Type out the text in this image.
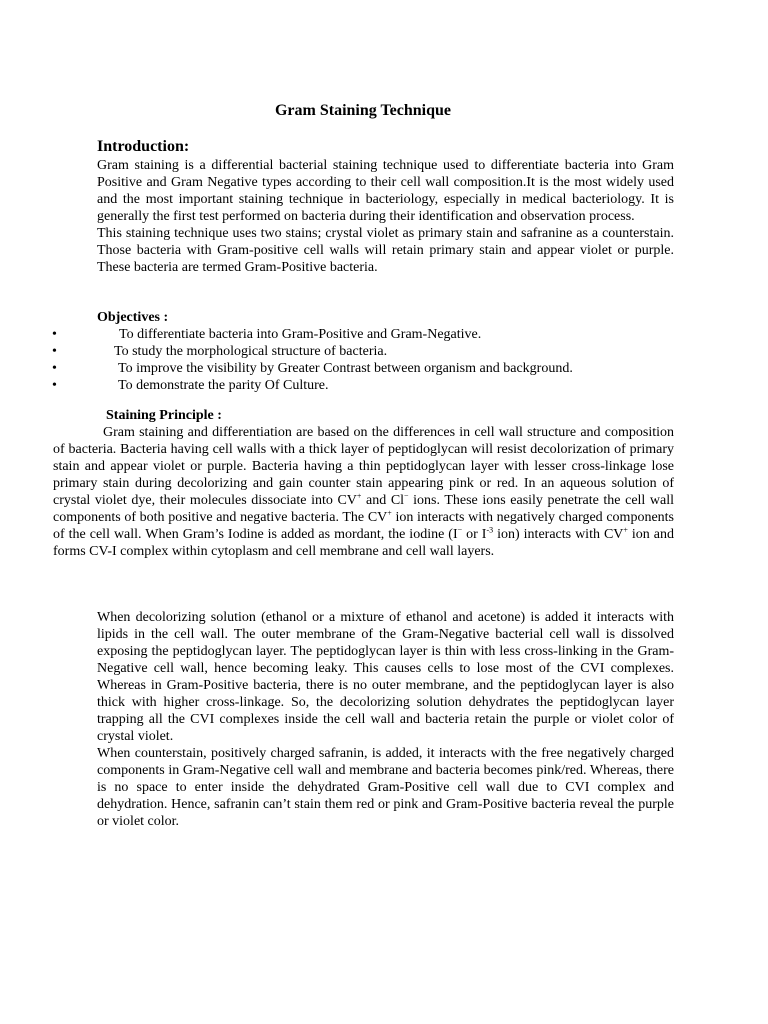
Gram Staining Technique
Introduction:

Gram staining is a differential bacterial staining technique used to differentiate bacteria into Gram Positive and Gram Negative types according to their cell wall composition.It is the most widely used and the most important staining technique in bacteriology, especially in medical bacteriology. It is generally the first test performed on bacteria during their identification and observation process.

This staining technique uses two stains; crystal violet as primary stain and safranine as a counterstain. Those bacteria with Gram-positive cell walls will retain primary stain and appear violet or purple. These bacteria are termed Gram-Positive bacteria.

Objectives :
•	To differentiate bacteria into Gram-Positive and Gram-Negative.
•	To study the morphological structure of bacteria.
•	To improve the visibility by Greater Contrast between organism and background.
•	To demonstrate the parity Of Culture.
Staining Principle :

Gram staining and differentiation are based on the differences in cell wall structure and composition of bacteria. Bacteria having cell walls with a thick layer of peptidoglycan will resist decolorization of primary stain and appear violet or purple. Bacteria having a thin peptidoglycan layer with lesser cross-linkage lose primary stain during decolorizing and gain counter stain appearing pink or red. In an aqueous solution of crystal violet dye, their molecules dissociate into CV+ and Cl− ions. These ions easily penetrate the cell wall components of both positive and negative bacteria. The CV+ ion interacts with negatively charged components of the cell wall. When Gram’s Iodine is added as mordant, the iodine (I− or $I^{-3}$ ion) interacts with CV+ ion and forms CV-I complex within cytoplasm and cell membrane and cell wall layers.

When decolorizing solution (ethanol or a mixture of ethanol and acetone) is added it interacts with lipids in the cell wall. The outer membrane of the Gram-Negative bacterial cell wall is dissolved exposing the peptidoglycan layer. The peptidoglycan layer is thin with less cross-linking in the Gram-Negative cell wall, hence becoming leaky. This causes cells to lose most of the CVI complexes. Whereas in Gram-Positive bacteria, there is no outer membrane, and the peptidoglycan layer is also thick with higher cross-linkage. So, the decolorizing solution dehydrates the peptidoglycan layer trapping all the CVI complexes inside the cell wall and bacteria retain the purple or violet color of crystal violet.

When counterstain, positively charged safranin, is added, it interacts with the free negatively charged components in Gram-Negative cell wall and membrane and bacteria becomes pink/red. Whereas, there is no space to enter inside the dehydrated Gram-Positive cell wall due to CVI complex and dehydration. Hence, safranin can’t stain them red or pink and Gram-Positive bacteria reveal the purple or violet color.
